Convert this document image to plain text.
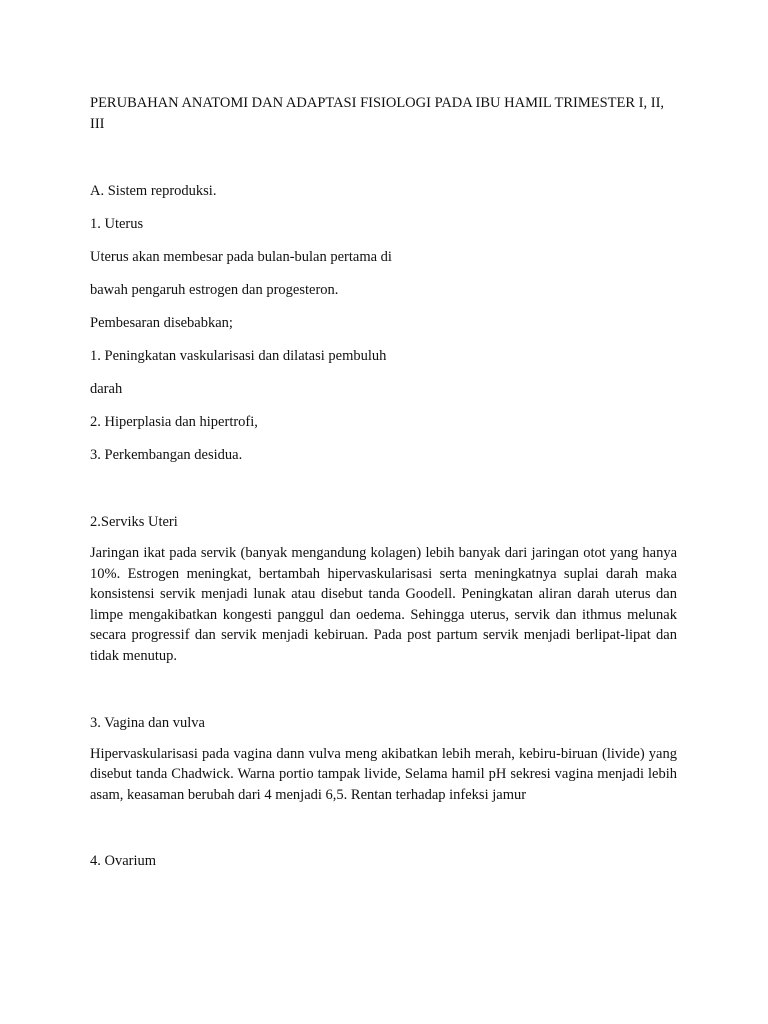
PERUBAHAN ANATOMI DAN ADAPTASI FISIOLOGI PADA IBU HAMIL TRIMESTER I, II, III

A. Sistem reproduksi.

1. Uterus

Uterus akan membesar pada bulan-bulan pertama di

bawah pengaruh estrogen dan progesteron.

Pembesaran disebabkan;

1. Peningkatan vaskularisasi dan dilatasi pembuluh

darah

2. Hiperplasia dan hipertrofi,

3. Perkembangan desidua.

2.Serviks Uteri

Jaringan ikat pada servik (banyak mengandung kolagen) lebih banyak dari jaringan otot yang hanya 10%. Estrogen meningkat, bertambah hipervaskularisasi serta meningkatnya suplai darah maka konsistensi servik menjadi lunak atau disebut tanda Goodell. Peningkatan aliran darah uterus dan limpe mengakibatkan kongesti panggul dan oedema. Sehingga uterus, servik dan ithmus melunak secara progressif dan servik menjadi kebiruan. Pada post partum servik menjadi berlipat-lipat dan tidak menutup.

3. Vagina dan vulva

Hipervaskularisasi pada vagina dann vulva meng akibatkan lebih merah, kebiru-biruan (livide) yang disebut tanda Chadwick. Warna portio tampak livide, Selama hamil pH sekresi vagina menjadi lebih asam, keasaman berubah dari 4 menjadi 6,5. Rentan terhadap infeksi jamur

4. Ovarium
